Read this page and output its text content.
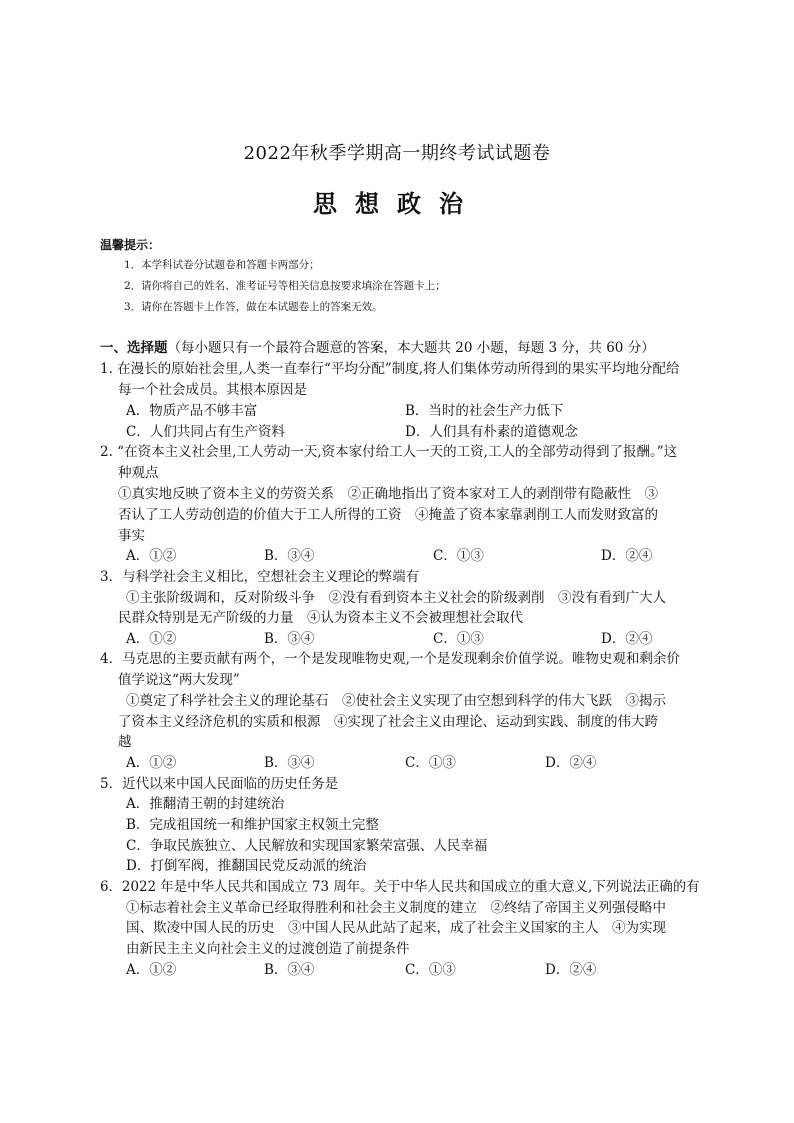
2022年秋季学期高一期终考试试题卷
思想政治
温馨提示：
1．本学科试卷分试题卷和答题卡两部分；
2．请你将自己的姓名、准考证号等相关信息按要求填涂在答题卡上；
3．请你在答题卡上作答，做在本试题卷上的答案无效。
一、选择题（每小题只有一个最符合题意的答案，本大题共 20 小题，每题 3 分，共 60 分）
1. 在漫长的原始社会里,人类一直奉行“平均分配”制度,将人们集体劳动所得到的果实平均地分配给
每一个社会成员。其根本原因是
A．物质产品不够丰富	B．当时的社会生产力低下
C．人们共同占有生产资料	D．人们具有朴素的道德观念
2. “在资本主义社会里,工人劳动一天,资本家付给工人一天的工资,工人的全部劳动得到了报酬。”这
种观点
①真实地反映了资本主义的劳资关系　②正确地指出了资本家对工人的剥削带有隐蔽性　③
否认了工人劳动创造的价值大于工人所得的工资　④掩盖了资本家靠剥削工人而发财致富的
事实
A．①②	B．③④	C．①③	D．②④
3．与科学社会主义相比，空想社会主义理论的弊端有
①主张阶级调和，反对阶级斗争　②没有看到资本主义社会的阶级剥削　③没有看到广大人
民群众特别是无产阶级的力量　④认为资本主义不会被理想社会取代
A．①②	B．③④	C．①③	D．②④
4．马克思的主要贡献有两个，一个是发现唯物史观,一个是发现剩余价值学说。唯物史观和剩余价
值学说这“两大发现”
①奠定了科学社会主义的理论基石　②使社会主义实现了由空想到科学的伟大飞跃　③揭示
了资本主义经济危机的实质和根源　④实现了社会主义由理论、运动到实践、制度的伟大跨
越
A．①②	B．③④	C．①③	D．②④
5．近代以来中国人民面临的历史任务是
A．推翻清王朝的封建统治
B．完成祖国统一和维护国家主权领土完整
C．争取民族独立、人民解放和实现国家繁荣富强、人民幸福
D．打倒军阀，推翻国民党反动派的统治
6．2022 年是中华人民共和国成立 73 周年。关于中华人民共和国成立的重大意义,下列说法正确的有
①标志着社会主义革命已经取得胜利和社会主义制度的建立　②终结了帝国主义列强侵略中
国、欺凌中国人民的历史　③中国人民从此站了起来，成了社会主义国家的主人　④为实现
由新民主主义向社会主义的过渡创造了前提条件
A．①②	B．③④	C．①③	D．②④
